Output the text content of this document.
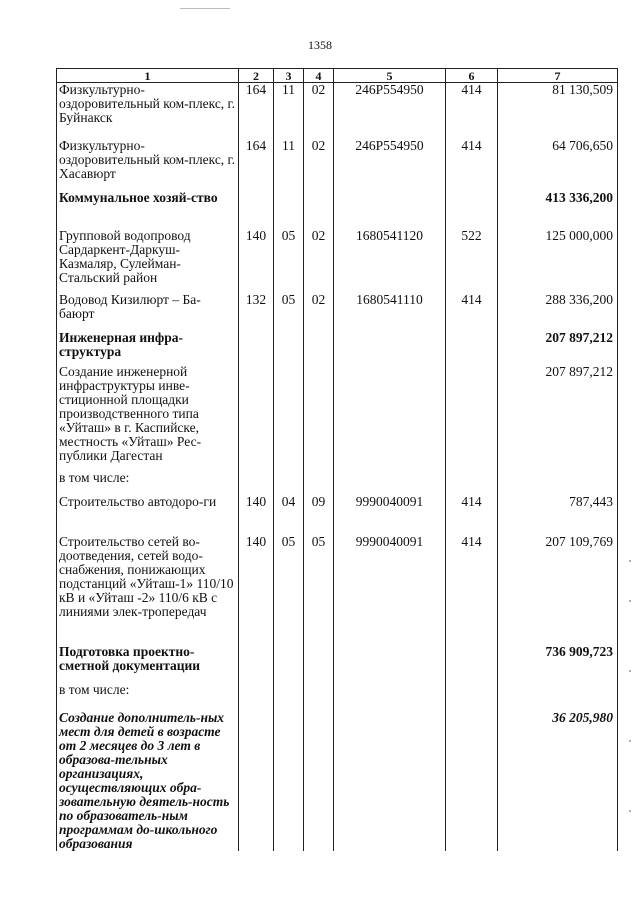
1358
1	2	3	4	5	6	7
Физкультурно-оздоровительный ком-плекс, г. Буйнакск	164	11	02	246Р554950	414	81 130,509
Физкультурно-оздоровительный ком-плекс, г. Хасавюрт	164	11	02	246Р554950	414	64 706,650
Коммунальное хозяй-ство						413 336,200
Групповой водопровод Сардаркент-Даркуш-Казмаляр, Сулейман-Стальский район	140	05	02	1680541120	522	125 000,000
Водовод Кизилюрт – Ба-баюрт	132	05	02	1680541110	414	288 336,200
Инженерная инфра-структура						207 897,212
Создание инженерной инфраструктуры инве-стиционной площадки производственного типа «Уйташ» в г. Каспийске, местность «Уйташ» Рес-публики Дагестан						207 897,212
в том числе:						
Строительство автодоро-ги	140	04	09	9990040091	414	787,443
Строительство сетей во-доотведения, сетей водо-снабжения, понижающих подстанций «Уйташ-1» 110/10 кВ и «Уйташ -2» 110/6 кВ с линиями элек-тропередач	140	05	05	9990040091	414	207 109,769
Подготовка проектно-сметной документации						736 909,723
в том числе:						
Создание дополнитель-ных мест для детей в возрасте от 2 месяцев до 3 лет в образова-тельных организациях, осуществляющих обра-зовательную деятель-ность по образователь-ным программам до-школьного образования						36 205,980
